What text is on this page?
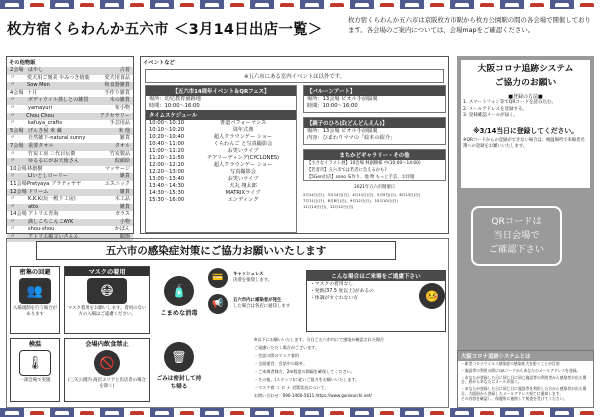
枚方宿くらわんか五六市 ＜3月14日出店一覧＞
枚方宿くらわんか五六市は京阪枚方市駅から枚方公園駅の間の各会場で開催しております。各会場のご案内については、会場mapをご確認ください。
その他物販
2会場 はやし	古着
〃	愛犬用ご褒美 やみつき焼鹿	愛犬用食品
〃	Sow Men	和食器雑貨
4会場 十月	手作り雑貨
〃	ボディウイル蒸しとの雑貨	木の雑貨
〃	yamayuri	布小物
〃	Chou Chou	アクセサリー
〃	kafuya_crafts	手芸用品
5会場 げんき屋 米 蔵	米 他
〃	自然雑下-natural sunny	雑貨
7会場 重要タオル	タオル
〃	竹炭工房 三代目伝衛	竹炭製品
〃	ゆるるにがお天使さん	似顔絵
10会場 林創樹	マッサージ
〃	LIいとしローリー	雑貨
11会場 Pretyaya プラティヤヤ	エスニック
12会場 ドリーム	雑貨
〃	K.K.K(玩一殿下工房)	木工品
〃	atto	雑貨
14会場 アトリエ青海	ガラス
〃	満しこちこんこAYK	小物
〃	shou-shou	かばん
〃	アトリエ綿文いさんん	陶器
イベントなど
※五六市にある室内イベントは以外です。
【五六市14周年イベント＆QRフェス】
場所：幼児教育園跡地
時間：10:00～16:00
タイムスケジュール
10:00～10:10	書道パフォーマンス
10:10～10:20	周年式典
10:20～10:40	超人クラウンゲー ショー
10:40～11:00	くらわんご と写真撮影会
11:00～11:20	お笑いライブ
11:20～11:50	チアリーディング(CYCLONES)
12:00～12:20	超人クラウンゲー ショー
12:20～13:00	写真撮影会
13:00～13:40	お笑いライブ
13:40～14:30	犬丸 翔太郎
14:30～15:30	MATRIXライブ
15:30～16:00	エンディング
【バルーンアート】
場所：13会場 ピオル手前脇裏
時間：10:00～16:00
【親子のひろば(どんどんえん)】
場所：13会場 ピオル手前脇裏
内容：ひまわりママの「絵本の紹介」
まちかどギャラリー・その他
【小さなイラスト展】10会場 林創樹様 中(10:00～14:00)
【若者市】五六市では若者に会えるかも?
【5Gen出店】sono 布作り、他 物 もっと手芸、お洋服
2021年五六市開催日
2月14日(日)、3月14日(日)、4月11日(日)、5月9日(日)、6月13日(日)
7月11日(日)、8月8日(日)、9月12日(日)、10月10日(日)
11月14日(日)、12月12日(日)
五六市の感染症対策にご協力お願いいたします
密集の回避
👥
入場規制を行う場合があります
マスクの着用
😷
マスク着用をお願いします。着用のない方の入場はご遠慮ください。
🧴
こまめな消毒
💳	キャッシュレス
決済を推奨します。
📢	五六市内に感染者が発生
した場合は各店に通知します
検温
🌡
一部会場で実施
会場内飲食禁止
🚫
(三矢公園内 商店エリアと出店者の場合を除く)
🗑
ごみは密封して持ち帰る
こんな場合はご来場をご遠慮下さい
・マスクの着用なし
・発熱(37.5 度以上)があるの
・体調がすぐれない方	🤒
※以下にお願いいたします。当日ご五六市内にて感染が確認された場合
ご遠慮いただく場合がございます。
・会話の際のマスク着用
・全面運営、会話中の除外。
・ご来場者様方、2m程度の間隔を確保してください。
・その他、(スタッフ)に従いご協力をお願いいたします。
・マスク着 コ ロ ナ 対策状況について、
お問い合わせ：090-1460-5611 https://www.gorokuichi.net/
大阪コロナ追跡システム
ご協力のお願い
■登録の方法■
1. スマートフォン等でQRコードを読み込む。
2. メールアドレスを登録する。
3. 登録確認メールが届く。
※3/14当日に登録してください。
※QRコードからの登録ができない場合は、検温場所で来場者名簿への登録をお願いいたします。
QRコードは
当日会場で
ご確認下さい
大阪コロナ追跡システムとは
・新型コロナウイルス感染症の感染拡大を防ぐことが目的
・施設等の利用の際にQRコードからあなたのメールアドレスを登録。
・あなたが登録した日に同じ日に同じ施設等の利用者から感染者が出た場合、府からあなたにメールが届く。
・あなたが登録した日に同じ日に施設等を利用した方から感染者が出た場合、大阪府から登録したメールアドレス宛てに通知します。
その内容を確認し、保健所に連絡して検査を受けてください。
